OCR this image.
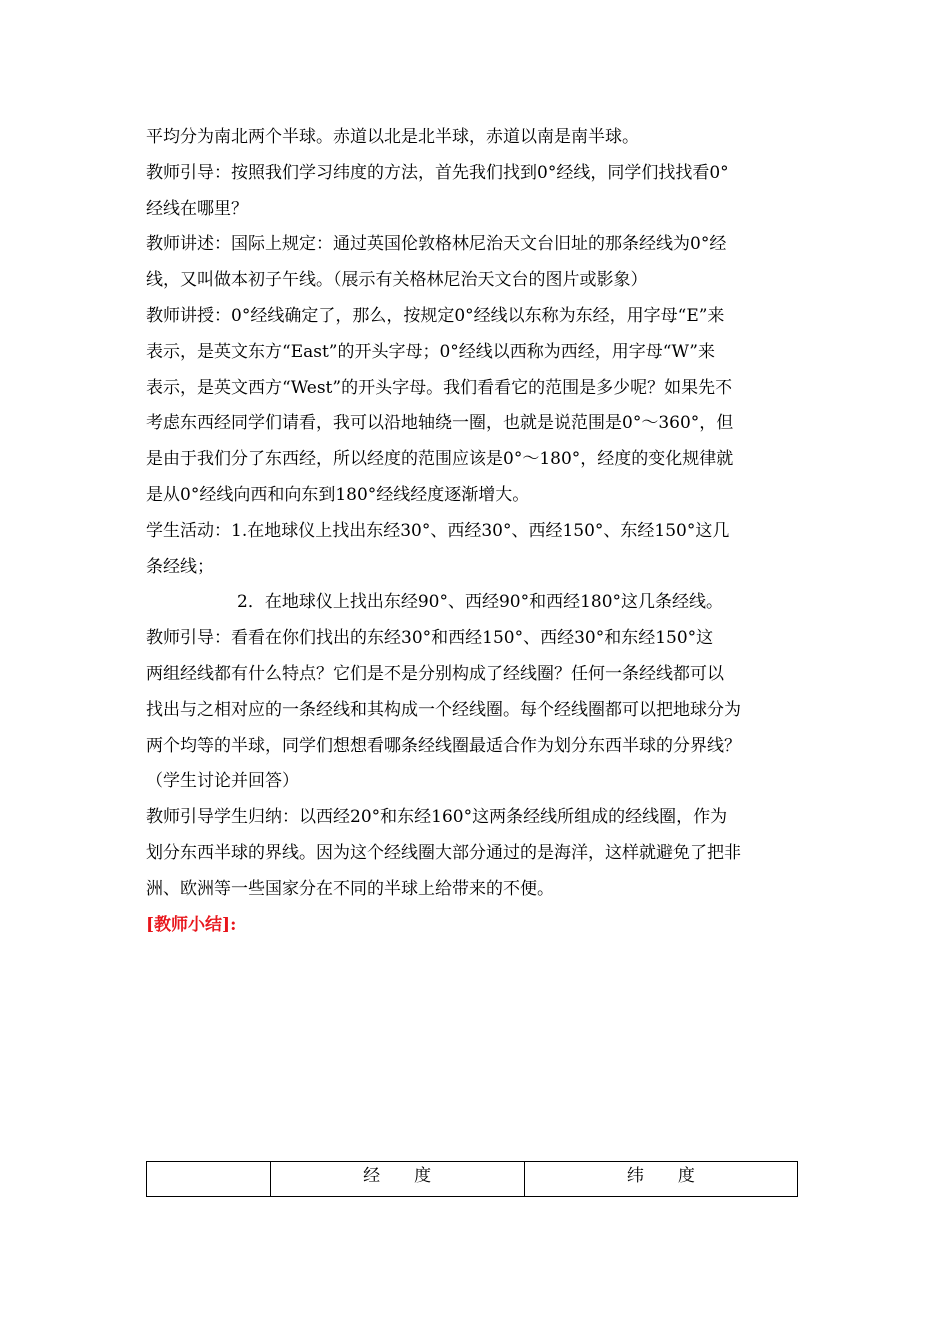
平均分为南北两个半球。赤道以北是北半球，赤道以南是南半球。

教师引导：按照我们学习纬度的方法，首先我们找到0°经线，同学们找找看0°

经线在哪里？

教师讲述：国际上规定：通过英国伦敦格林尼治天文台旧址的那条经线为0°经

线，又叫做本初子午线。（展示有关格林尼治天文台的图片或影象）

教师讲授：0°经线确定了，那么，按规定0°经线以东称为东经，用字母“E”来

表示，是英文东方“East”的开头字母；0°经线以西称为西经，用字母“W”来

表示，是英文西方“West”的开头字母。我们看看它的范围是多少呢？如果先不

考虑东西经同学们请看，我可以沿地轴绕一圈，也就是说范围是0°～360°，但

是由于我们分了东西经，所以经度的范围应该是0°～180°，经度的变化规律就

是从0°经线向西和向东到180°经线经度逐渐增大。

学生活动：1.在地球仪上找出东经30°、西经30°、西经150°、东经150°这几

条经线；

2．在地球仪上找出东经90°、西经90°和西经180°这几条经线。

教师引导：看看在你们找出的东经30°和西经150°、西经30°和东经150°这

两组经线都有什么特点？它们是不是分别构成了经线圈？任何一条经线都可以

找出与之相对应的一条经线和其构成一个经线圈。每个经线圈都可以把地球分为

两个均等的半球，同学们想想看哪条经线圈最适合作为划分东西半球的分界线？

（学生讨论并回答）

教师引导学生归纳：以西经20°和东经160°这两条经线所组成的经线圈，作为

划分东西半球的界线。因为这个经线圈大部分通过的是海洋，这样就避免了把非

洲、欧洲等一些国家分在不同的半球上给带来的不便。

[教师小结]:

	经　　度	纬　　度
